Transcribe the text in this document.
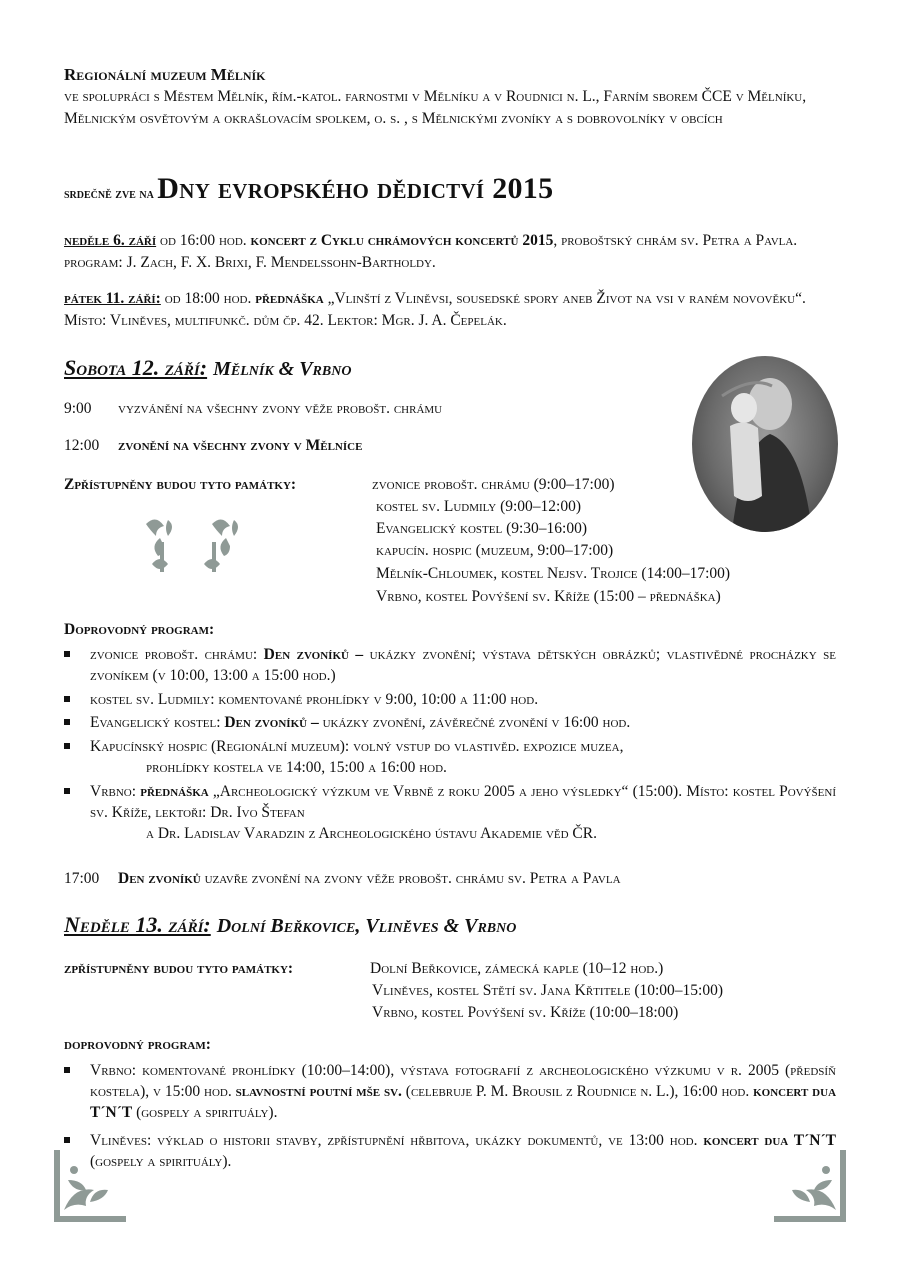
Regionální muzeum Mělník
ve spolupráci s Městem Mělník, řím.-katol. farnostmi v Mělníku a v Roudnici n. L., Farním sborem ČCE v Mělníku, Mělnickým osvětovým a okrašlovacím spolkem, o. s. , s Mělnickými zvoníky a s dobrovolníky v obcích
srdečně zve na Dny evropského dědictví 2015
neděle 6. září od 16:00 hod. koncert z Cyklu chrámových koncertů 2015, proboštský chrám sv. Petra a Pavla. program: J. Zach, F. X. Brixi, F. Mendelssohn-Bartholdy.
pátek 11. září: od 18:00 hod. přednáška „Vlinští z Vliněvsi, sousedské spory aneb Život na vsi v raném novověku“. Místo: Vlinĕves, multifunkč. dům čp. 42. Lektor: Mgr. J. A. Čepelák.
Sobota 12. září: Mělník & Vrbno
9:00 vyzvánění na všechny zvony věže probošt. chrámu
12:00 zvonění na všechny zvony v Mělníce
Zpřístupněny budou tyto památky:	zvonice probošt. chrámu (9:00–17:00)
kostel sv. Ludmily (9:00–12:00)
Evangelický kostel (9:30–16:00)
kapucín. hospic (muzeum, 9:00–17:00)
Mělník-Chloumek, kostel Nejsv. Trojice (14:00–17:00)
Vrbno, kostel Povýšení sv. Kříže (15:00 – přednáška)
Doprovodný program:
zvonice probošt. chrámu: Den zvoníků – ukázky zvonění; výstava dětských obrázků; vlastivědné procházky se zvoníkem (v 10:00, 13:00 a 15:00 hod.)
kostel sv. Ludmily: komentované prohlídky v 9:00, 10:00 a 11:00 hod.
Evangelický kostel: Den zvoníků – ukázky zvonění, závěrečné zvonění v 16:00 hod.
Kapucínský hospic (Regionální muzeum): volný vstup do vlastivěd. expozice muzea,
prohlídky kostela ve 14:00, 15:00 a 16:00 hod.
Vrbno: přednáška „Archeologický výzkum ve Vrbně z roku 2005 a jeho výsledky“ (15:00). Místo: kostel Povýšení sv. Kříže, lektoři: Dr. Ivo Štefan
a Dr. Ladislav Varadzin z Archeologického ústavu Akademie věd ČR.
17:00 Den zvoníků uzavře zvonění na zvony věže probošt. chrámu sv. Petra a Pavla
Neděle 13. září: Dolní Beřkovice, Vlinĕves & Vrbno
zpřístupněny budou tyto památky:	Dolní Beřkovice, zámecká kaple (10–12 hod.)
Vlinĕves, kostel Stětí sv. Jana Křtitele (10:00–15:00)
Vrbno, kostel Povýšení sv. Kříže (10:00–18:00)
doprovodný program:
Vrbno: komentované prohlídky (10:00–14:00), výstava fotografií z archeologického výzkumu v r. 2005 (předsíň kostela), v 15:00 hod. slavnostní poutní mše sv. (celebruje P. M. Brousil z Roudnice n. L.), 16:00 hod. koncert dua T´N´T (gospely a spirituály).
Vlinĕves: výklad o historii stavby, zpřístupnění hřbitova, ukázky dokumentů, ve 13:00 hod. koncert dua T´N´T (gospely a spirituály).
